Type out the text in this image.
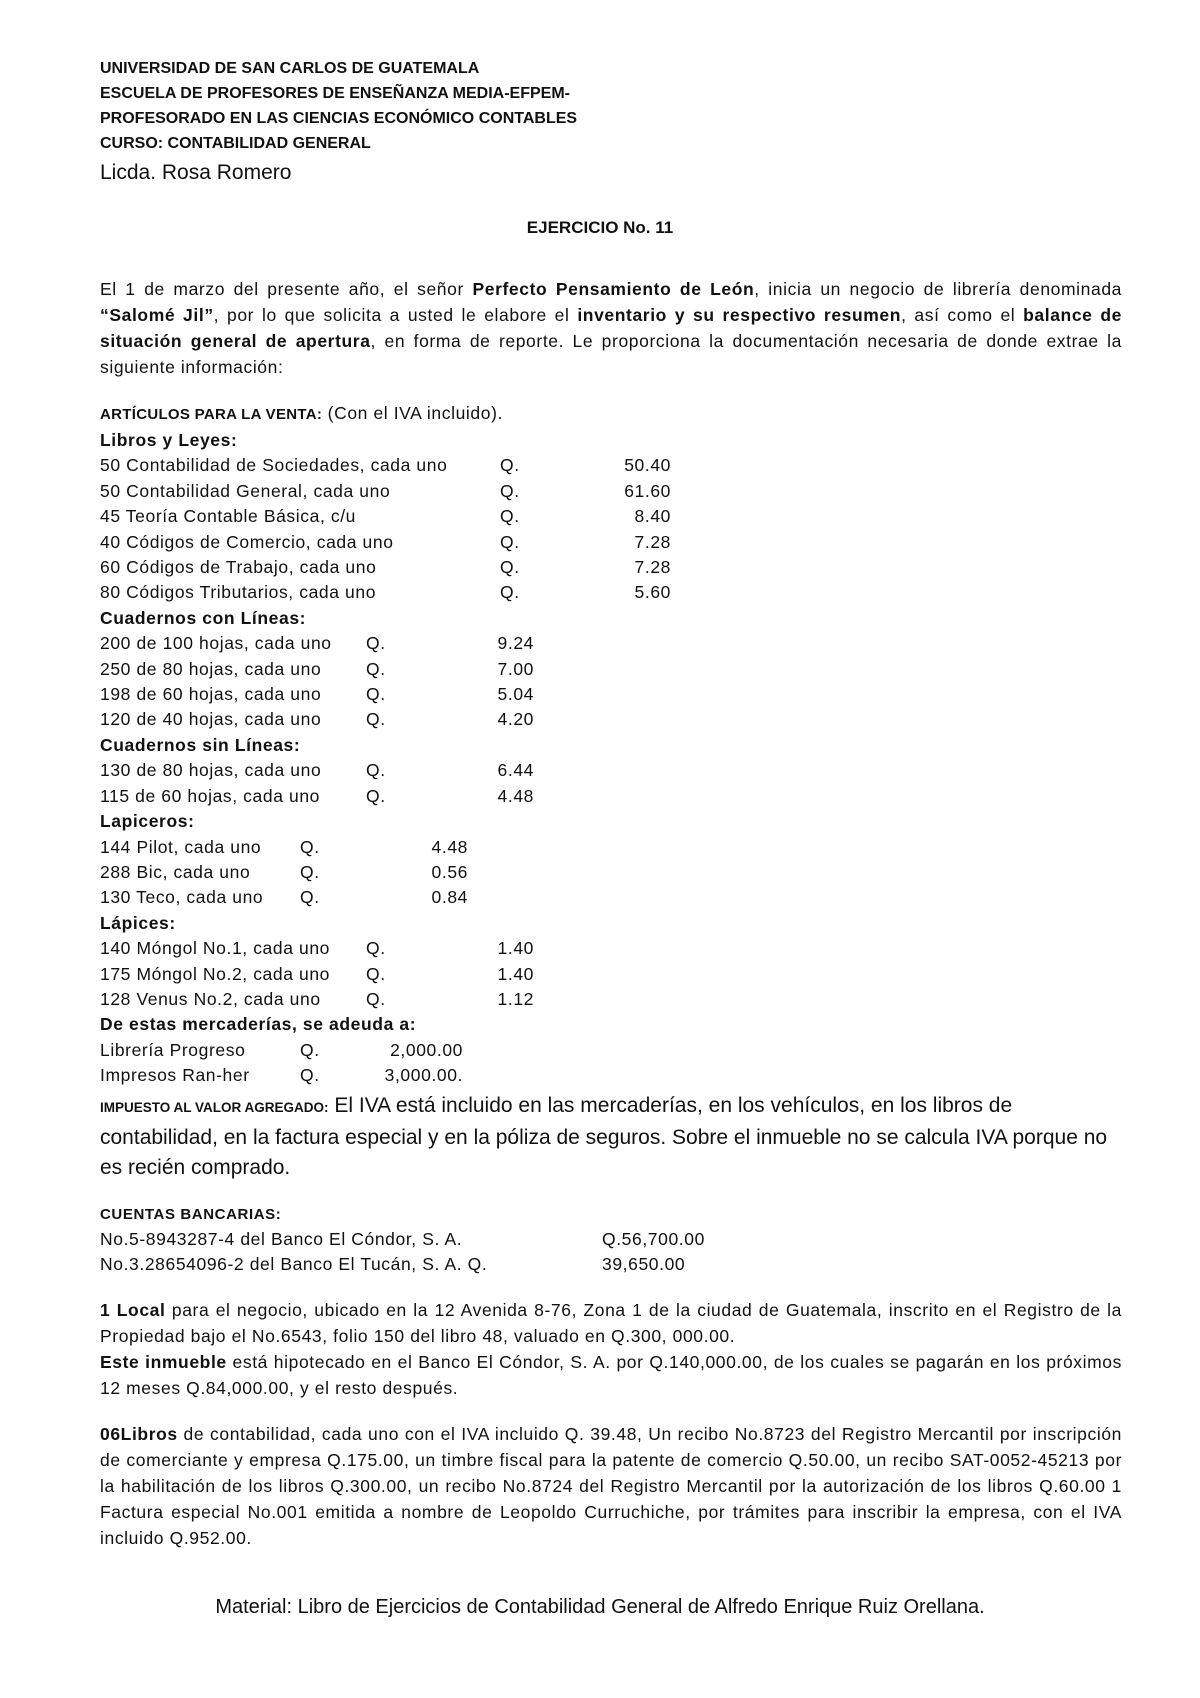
UNIVERSIDAD DE SAN CARLOS DE GUATEMALA
ESCUELA DE PROFESORES DE ENSEÑANZA MEDIA-EFPEM-
PROFESORADO EN LAS CIENCIAS ECONÓMICO CONTABLES
CURSO: CONTABILIDAD GENERAL
Licda. Rosa Romero
EJERCICIO No. 11

El 1 de marzo del presente año, el señor Perfecto Pensamiento de León, inicia un negocio de librería denominada “Salomé Jil”, por lo que solicita a usted le elabore el inventario y su respectivo resumen, así como el balance de situación general de apertura, en forma de reporte. Le proporciona la documentación necesaria de donde extrae la siguiente información:

ARTÍCULOS PARA LA VENTA: (Con el IVA incluido).
Libros y Leyes:
50 Contabilidad de Sociedades, cada uno	Q.	50.40
50 Contabilidad General, cada uno	Q.	61.60
45 Teoría Contable Básica, c/u	Q.	8.40
40 Códigos de Comercio, cada uno	Q.	7.28
60 Códigos de Trabajo, cada uno	Q.	7.28
80 Códigos Tributarios, cada uno	Q.	5.60
Cuadernos con Líneas:
200 de 100 hojas, cada uno	Q.	9.24
250 de 80 hojas, cada uno	Q.	7.00
198 de 60 hojas, cada uno	Q.	5.04
120 de 40 hojas, cada uno	Q.	4.20
Cuadernos sin Líneas:
130 de 80 hojas, cada uno	Q.	6.44
115 de 60 hojas, cada uno	Q.	4.48
Lapiceros:
144 Pilot, cada uno	Q.	4.48
288 Bic, cada uno	Q.	0.56
130 Teco, cada uno	Q.	0.84
Lápices:
140 Móngol No.1, cada uno	Q.	1.40
175 Móngol No.2, cada uno	Q.	1.40
128 Venus No.2, cada uno	Q.	1.12
De estas mercaderías, se adeuda a:
Librería Progreso	Q.	2,000.00
Impresos Ran-her	Q.	3,000.00.
IMPUESTO AL VALOR AGREGADO: El IVA está incluido en las mercaderías, en los vehículos, en los libros de contabilidad, en la factura especial y en la póliza de seguros. Sobre el inmueble no se calcula IVA porque no es recién comprado.
CUENTAS BANCARIAS:
No.5-8943287-4 del Banco El Cóndor, S. A.	Q.56,700.00
No.3.28654096-2 del Banco El Tucán, S. A. Q.	39,650.00

1 Local para el negocio, ubicado en la 12 Avenida 8-76, Zona 1 de la ciudad de Guatemala, inscrito en el Registro de la Propiedad bajo el No.6543, folio 150 del libro 48, valuado en Q.300, 000.00.
Este inmueble está hipotecado en el Banco El Cóndor, S. A. por Q.140,000.00, de los cuales se pagarán en los próximos 12 meses Q.84,000.00, y el resto después.

06Libros de contabilidad, cada uno con el IVA incluido Q. 39.48, Un recibo No.8723 del Registro Mercantil por inscripción de comerciante y empresa Q.175.00, un timbre fiscal para la patente de comercio Q.50.00, un recibo SAT-0052-45213 por la habilitación de los libros Q.300.00, un recibo No.8724 del Registro Mercantil por la autorización de los libros Q.60.00 1 Factura especial No.001 emitida a nombre de Leopoldo Curruchiche, por trámites para inscribir la empresa, con el IVA incluido Q.952.00.

Material: Libro de Ejercicios de Contabilidad General de Alfredo Enrique Ruiz Orellana.
